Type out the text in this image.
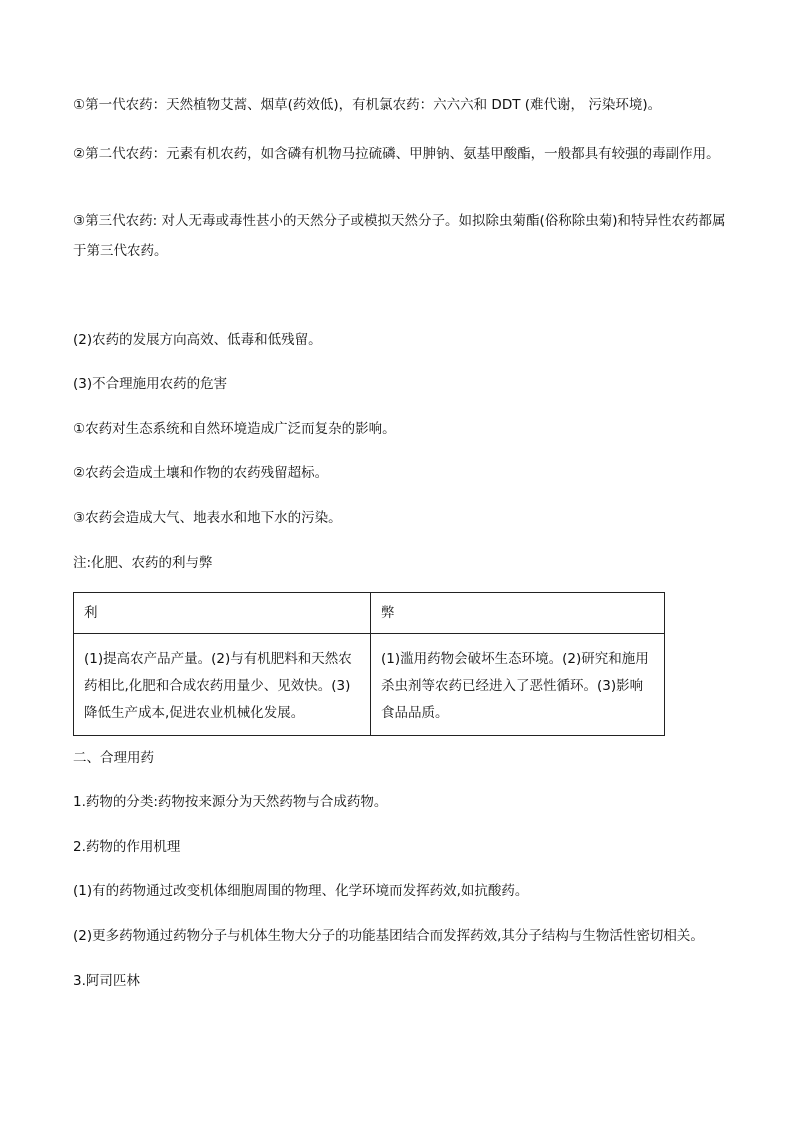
①第一代农药：天然植物艾蒿、烟草(药效低)，有机氯农药：六六六和 DDT (难代谢， 污染环境)。

②第二代农药：元素有机农药，如含磷有机物马拉硫磷、甲胂钠、氨基甲酸酯，一般都具有较强的毒副作用。

③第三代农药: 对人无毒或毒性甚小的天然分子或模拟天然分子。如拟除虫菊酯(俗称除虫菊)和特异性农药都属于第三代农药。

(2)农药的发展方向高效、低毒和低残留。

(3)不合理施用农药的危害

①农药对生态系统和自然环境造成广泛而复杂的影响。

②农药会造成土壤和作物的农药残留超标。

③农药会造成大气、地表水和地下水的污染。

注:化肥、农药的利与弊

利	弊
(1)提高农产品产量。(2)与有机肥料和天然农药相比,化肥和合成农药用量少、见效快。(3)降低生产成本,促进农业机械化发展。	(1)滥用药物会破坏生态环境。(2)研究和施用杀虫剂等农药已经进入了恶性循环。(3)影响食品品质。

二、合理用药

1.药物的分类:药物按来源分为天然药物与合成药物。

2.药物的作用机理

(1)有的药物通过改变机体细胞周围的物理、化学环境而发挥药效,如抗酸药。

(2)更多药物通过药物分子与机体生物大分子的功能基团结合而发挥药效,其分子结构与生物活性密切相关。

3.阿司匹林
